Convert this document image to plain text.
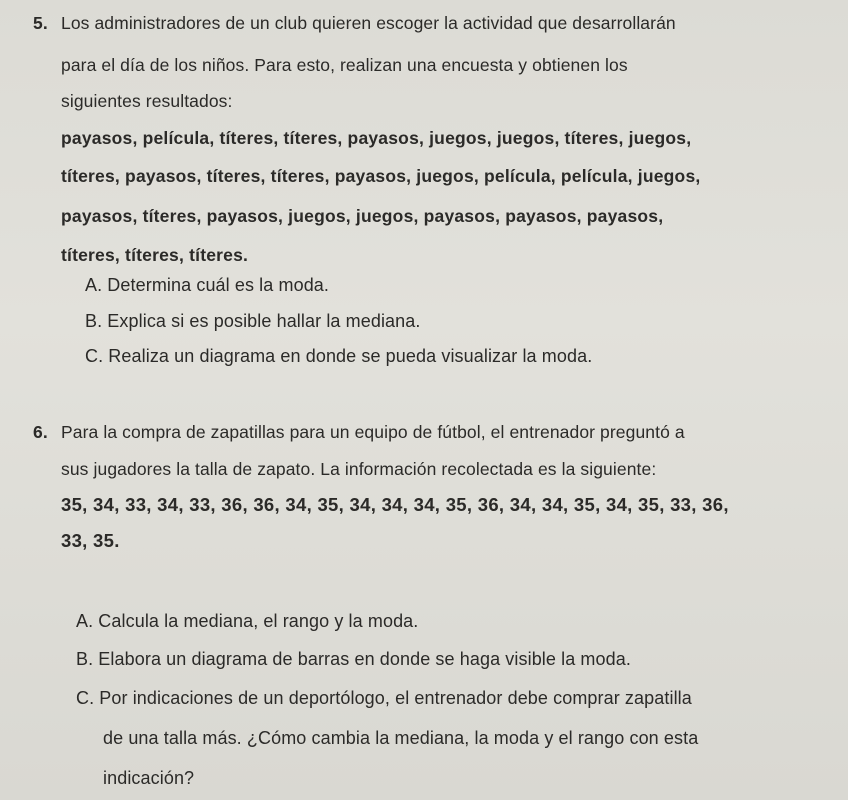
5. Los administradores de un club quieren escoger la actividad que desarrollarán
para el día de los niños. Para esto, realizan una encuesta y obtienen los
siguientes resultados:
payasos, película, títeres, títeres, payasos, juegos, juegos, títeres, juegos,
títeres, payasos, títeres, títeres, payasos, juegos, película, película, juegos,
payasos, títeres, payasos, juegos, juegos, payasos, payasos, payasos,
títeres, títeres, títeres.
A. Determina cuál es la moda.
B. Explica si es posible hallar la mediana.
C. Realiza un diagrama en donde se pueda visualizar la moda.
6. Para la compra de zapatillas para un equipo de fútbol, el entrenador preguntó a
sus jugadores la talla de zapato. La información recolectada es la siguiente:
35, 34, 33, 34, 33, 36, 36, 34, 35, 34, 34, 34, 35, 36, 34, 34, 35, 34, 35, 33, 36,
33, 35.
A. Calcula la mediana, el rango y la moda.
B. Elabora un diagrama de barras en donde se haga visible la moda.
C. Por indicaciones de un deportólogo, el entrenador debe comprar zapatilla
de una talla más. ¿Cómo cambia la mediana, la moda y el rango con esta
indicación?
